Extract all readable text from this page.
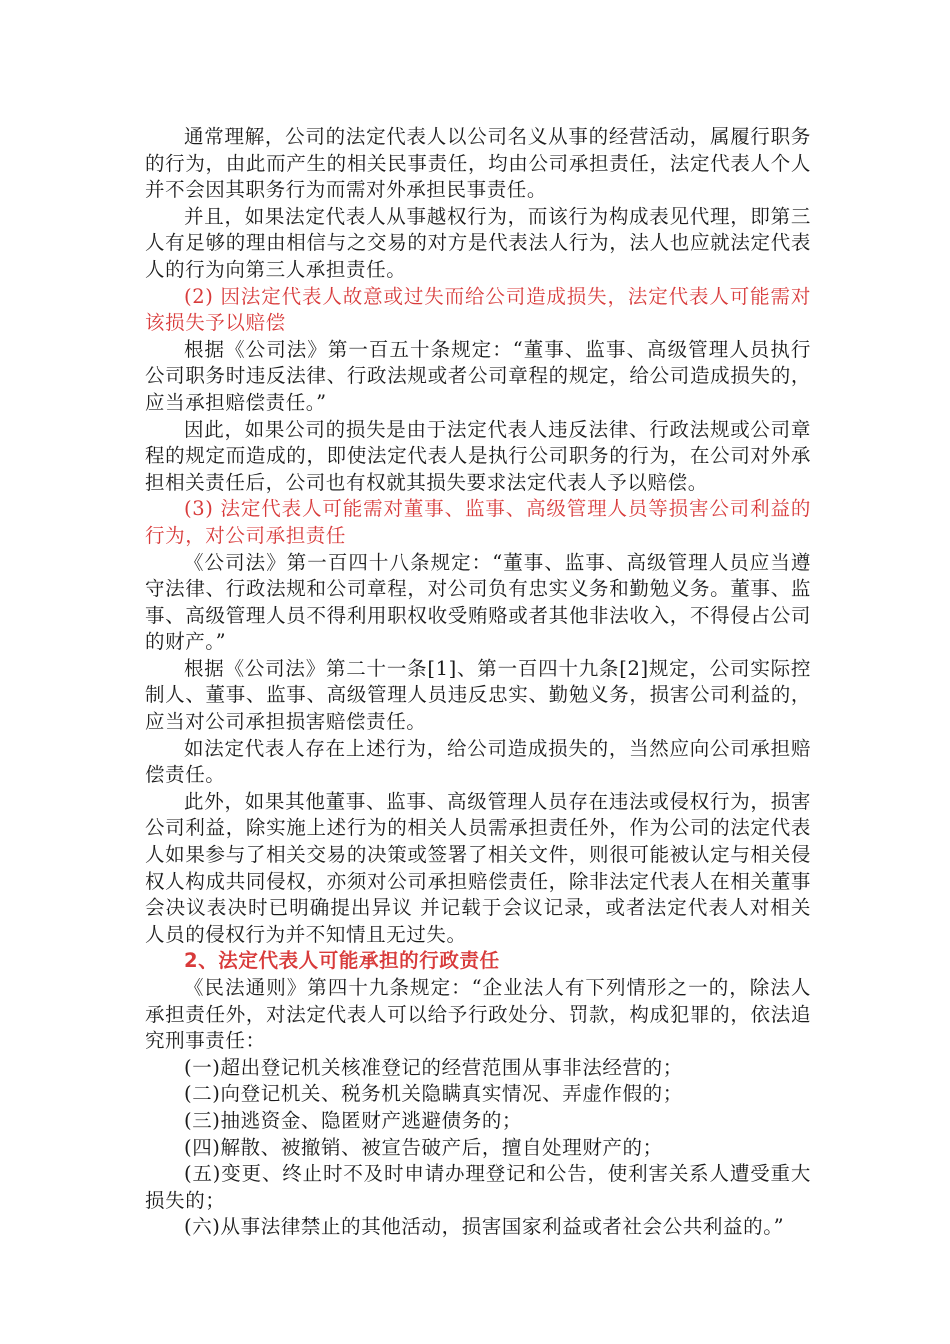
通常理解，公司的法定代表人以公司名义从事的经营活动，属履行职务的行为，由此而产生的相关民事责任，均由公司承担责任，法定代表人个人并不会因其职务行为而需对外承担民事责任。

并且，如果法定代表人从事越权行为，而该行为构成表见代理，即第三人有足够的理由相信与之交易的对方是代表法人行为，法人也应就法定代表人的行为向第三人承担责任。

(2) 因法定代表人故意或过失而给公司造成损失，法定代表人可能需对该损失予以赔偿

根据《公司法》第一百五十条规定：“董事、监事、高级管理人员执行公司职务时违反法律、行政法规或者公司章程的规定，给公司造成损失的，应当承担赔偿责任。”

因此，如果公司的损失是由于法定代表人违反法律、行政法规或公司章程的规定而造成的，即使法定代表人是执行公司职务的行为，在公司对外承担相关责任后，公司也有权就其损失要求法定代表人予以赔偿。

(3) 法定代表人可能需对董事、监事、高级管理人员等损害公司利益的行为，对公司承担责任

《公司法》第一百四十八条规定：“董事、监事、高级管理人员应当遵守法律、行政法规和公司章程，对公司负有忠实义务和勤勉义务。董事、监事、高级管理人员不得利用职权收受贿赂或者其他非法收入，不得侵占公司的财产。”

根据《公司法》第二十一条[1]、第一百四十九条[2]规定，公司实际控制人、董事、监事、高级管理人员违反忠实、勤勉义务，损害公司利益的，应当对公司承担损害赔偿责任。

如法定代表人存在上述行为，给公司造成损失的，当然应向公司承担赔偿责任。

此外，如果其他董事、监事、高级管理人员存在违法或侵权行为，损害公司利益，除实施上述行为的相关人员需承担责任外，作为公司的法定代表人如果参与了相关交易的决策或签署了相关文件，则很可能被认定与相关侵权人构成共同侵权，亦须对公司承担赔偿责任，除非法定代表人在相关董事会决议表决时已明确提出异议 并记载于会议记录，或者法定代表人对相关人员的侵权行为并不知情且无过失。

2、法定代表人可能承担的行政责任

《民法通则》第四十九条规定：“企业法人有下列情形之一的，除法人承担责任外，对法定代表人可以给予行政处分、罚款，构成犯罪的，依法追究刑事责任：

(一)超出登记机关核准登记的经营范围从事非法经营的；

(二)向登记机关、税务机关隐瞒真实情况、弄虚作假的；

(三)抽逃资金、隐匿财产逃避债务的；

(四)解散、被撤销、被宣告破产后，擅自处理财产的；

(五)变更、终止时不及时申请办理登记和公告，使利害关系人遭受重大损失的；

(六)从事法律禁止的其他活动，损害国家利益或者社会公共利益的。”
